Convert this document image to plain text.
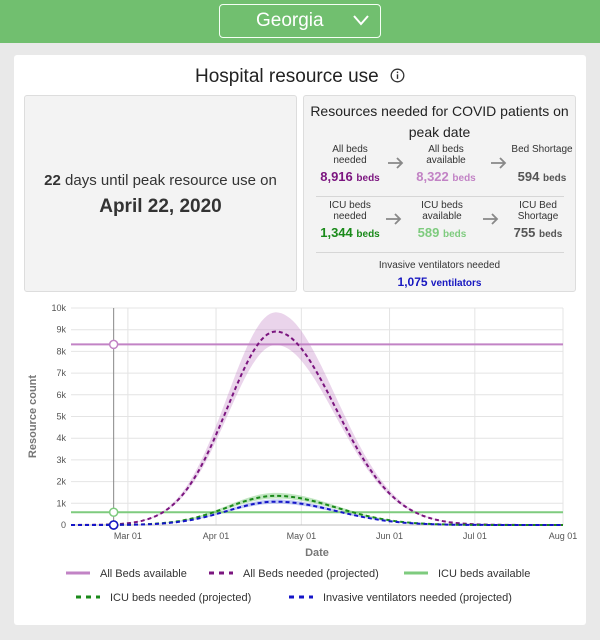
Georgia
Hospital resource use
22 days until peak resource use on
April 22, 2020
Resources needed for COVID patients on peak date
All beds needed
8,916 beds
All beds available
8,322 beds
Bed Shortage
594 beds
ICU beds needed
1,344 beds
ICU beds available
589 beds
ICU Bed Shortage
755 beds
Invasive ventilators needed
1,075 ventilators
0
1k
2k
3k
4k
5k
6k
7k
8k
9k
10k
Mar 01	Apr 01	May 01	Jun 01	Jul 01	Aug 01
Date
Resource count
All Beds available	All Beds needed (projected)	ICU beds available
ICU beds needed (projected)	Invasive ventilators needed (projected)
